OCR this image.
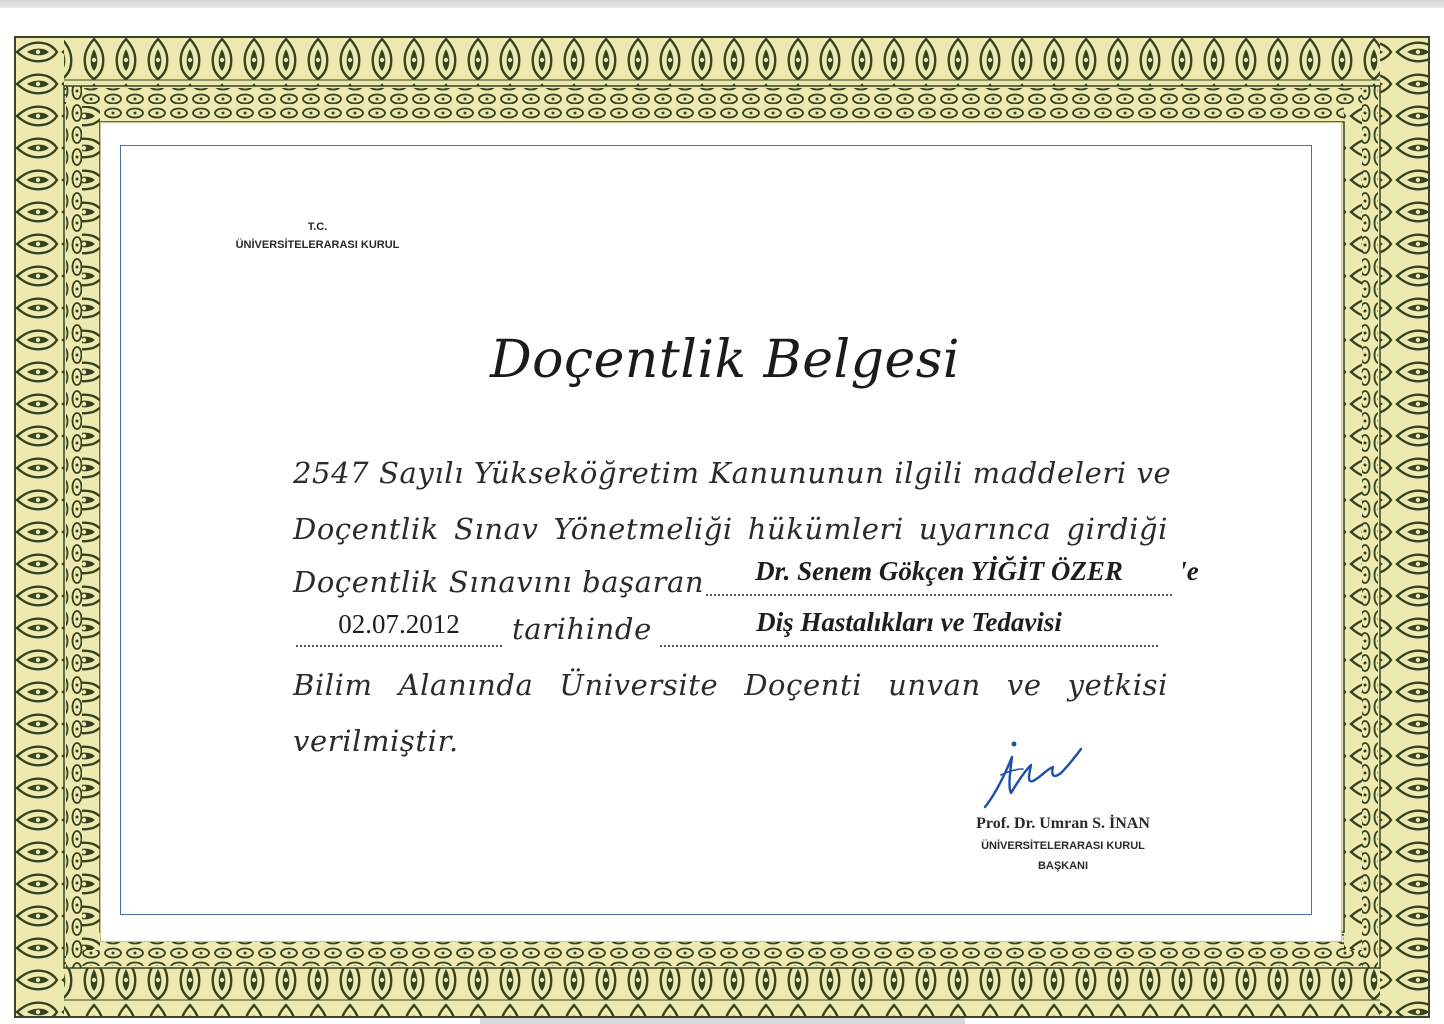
T.C.
ÜNİVERSİTELERARASI KURUL
Doçentlik Belgesi
2547 Sayılı Yükseköğretim Kanununun ilgili maddeleri ve
Doçentlik Sınav Yönetmeliği hükümleri uyarınca girdiği
Doçentlik Sınavını başaran	Dr. Senem Gökçen YİĞİT ÖZER	'e
02.07.2012	tarihinde	Diş Hastalıkları ve Tedavisi
Bilim Alanında Üniversite Doçenti unvan ve yetkisi
verilmiştir.
Prof. Dr. Umran S. İNAN
ÜNİVERSİTELERARASI KURUL
BAŞKANI
